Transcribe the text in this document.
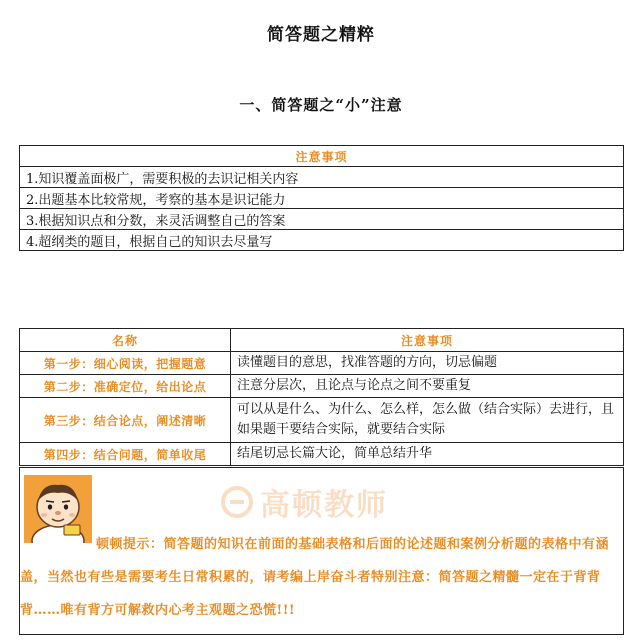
简答题之精粹
一、简答题之“小”注意
注意事项
1.知识覆盖面极广，需要积极的去识记相关内容
2.出题基本比较常规，考察的基本是识记能力
3.根据知识点和分数，来灵活调整自己的答案
4.超纲类的题目，根据自己的知识去尽量写
名称	注意事项
第一步：细心阅读，把握题意	读懂题目的意思，找准答题的方向，切忌偏题
第二步：准确定位，给出论点	注意分层次，且论点与论点之间不要重复
第三步：结合论点，阐述清晰	可以从是什么、为什么、怎么样，怎么做（结合实际）去进行，且如果题干要结合实际，就要结合实际
第四步：结合问题，简单收尾	结尾切忌长篇大论，简单总结升华
高顿教师
顿顿提示：简答题的知识在前面的基础表格和后面的论述题和案例分析题的表格中有涵盖，当然也有些是需要考生日常积累的，请考编上岸奋斗者特别注意：简答题之精髓一定在于背背背……唯有背方可解救内心考主观题之恐慌!!!
